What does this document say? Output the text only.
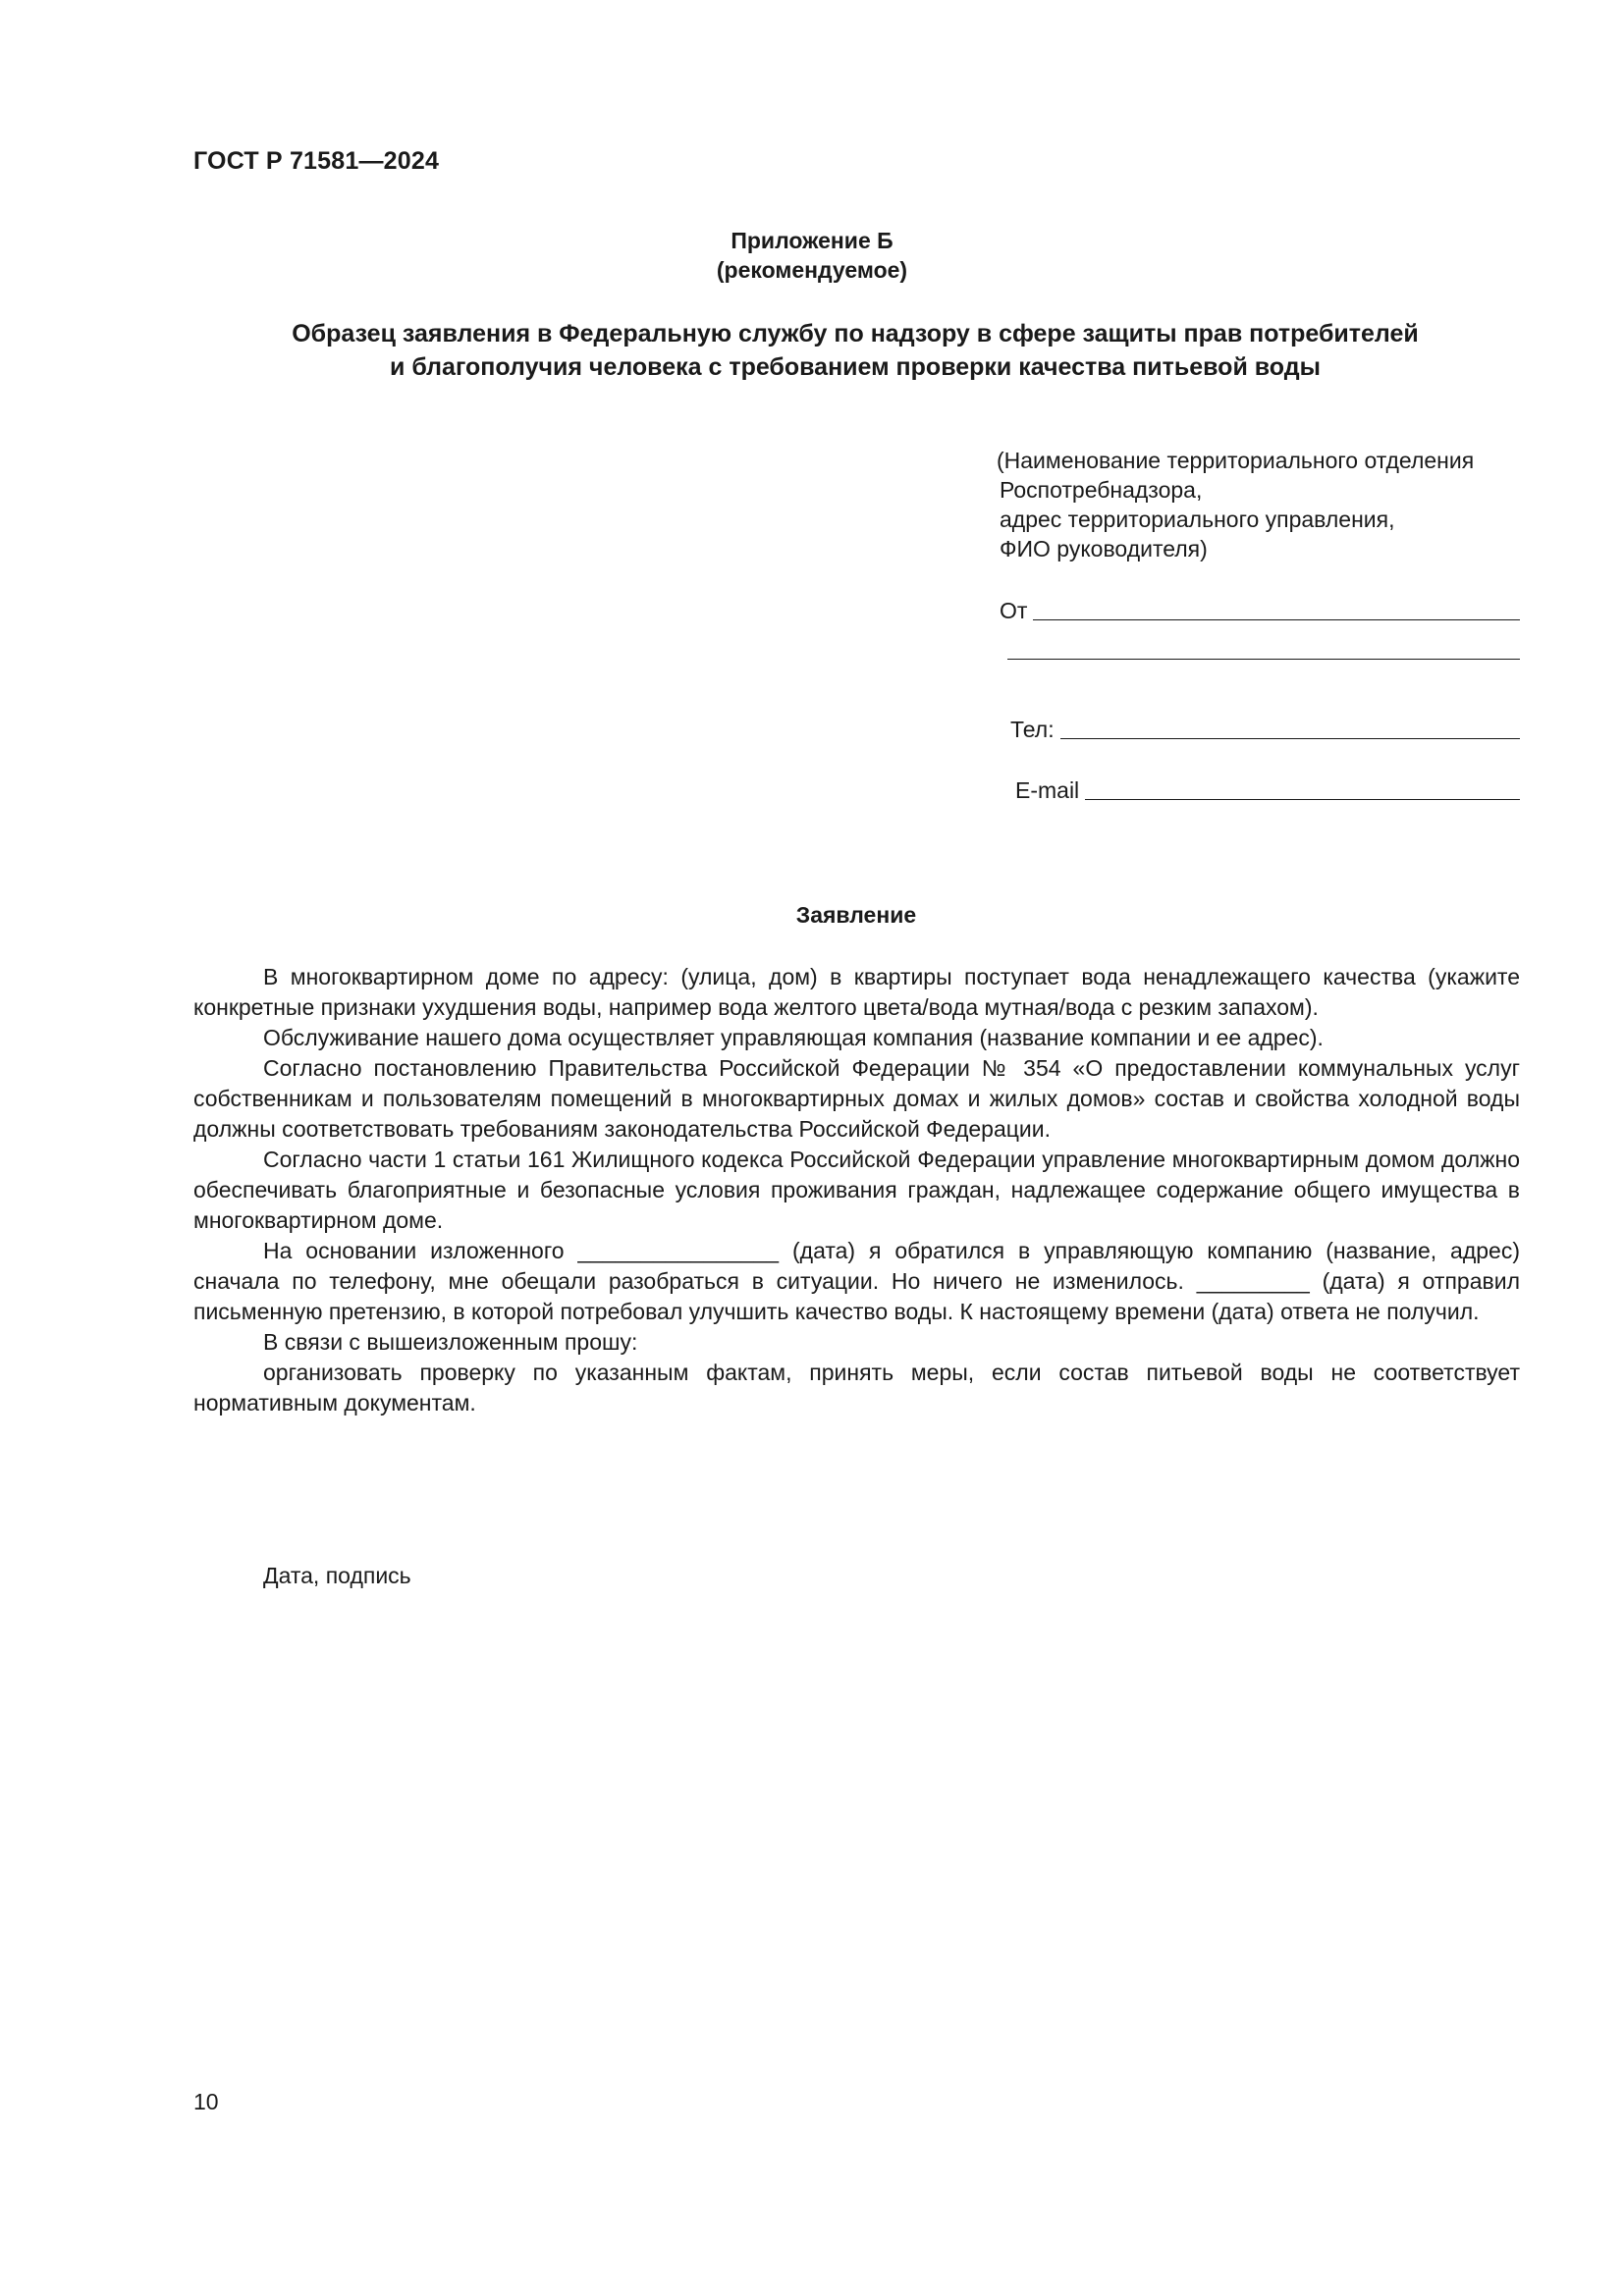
ГОСТ Р 71581—2024
Приложение Б
(рекомендуемое)
Образец заявления в Федеральную службу по надзору в сфере защиты прав потребителей
и благополучия человека с требованием проверки качества питьевой воды
(Наименование территориального отделения
Роспотребнадзора,
адрес территориального управления,
ФИО руководителя)
От
Тел:
E-mail
Заявление

В многоквартирном доме по адресу: (улица, дом) в квартиры поступает вода ненадлежащего качества (укажите конкретные признаки ухудшения воды, например вода желтого цвета/вода мутная/вода с резким запахом).

Обслуживание нашего дома осуществляет управляющая компания (название компании и ее адрес).

Согласно постановлению Правительства Российской Федерации № 354 «О предоставлении коммунальных услуг собственникам и пользователям помещений в многоквартирных домах и жилых домов» состав и свойства холодной воды должны соответствовать требованиям законодательства Российской Федерации.

Согласно части 1 статьи 161 Жилищного кодекса Российской Федерации управление многоквартирным домом должно обеспечивать благоприятные и безопасные условия проживания граждан, надлежащее содержание общего имущества в многоквартирном доме.

На основании изложенного ________________ (дата) я обратился в управляющую компанию (название, адрес) сначала по телефону, мне обещали разобраться в ситуации. Но ничего не изменилось. _________ (дата) я отправил письменную претензию, в которой потребовал улучшить качество воды. К настоящему времени (дата) ответа не получил.

В связи с вышеизложенным прошу:

организовать проверку по указанным фактам, принять меры, если состав питьевой воды не соответствует нормативным документам.

Дата, подпись
10
